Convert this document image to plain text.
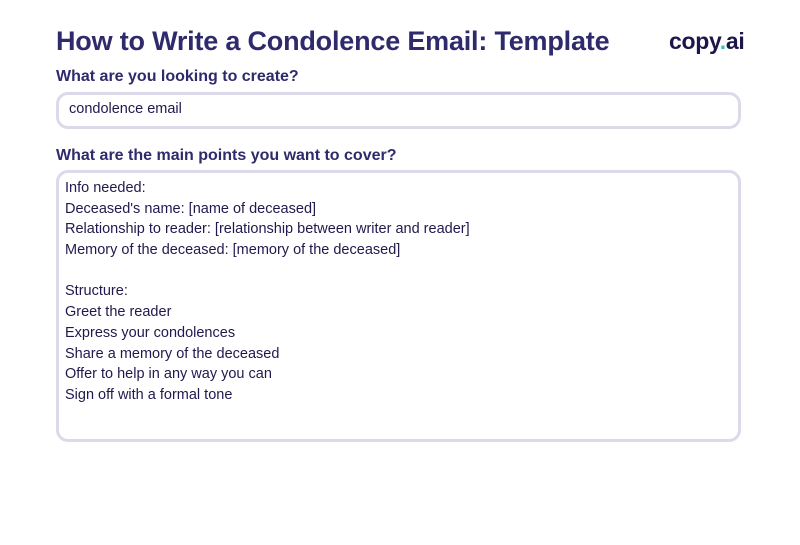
How to Write a Condolence Email: Template	copy.ai
What are you looking to create?
condolence email
What are the main points you want to cover?
Info needed:
Deceased's name: [name of deceased]
Relationship to reader: [relationship between writer and reader]
Memory of the deceased: [memory of the deceased]
Structure:
Greet the reader
Express your condolences
Share a memory of the deceased
Offer to help in any way you can
Sign off with a formal tone
